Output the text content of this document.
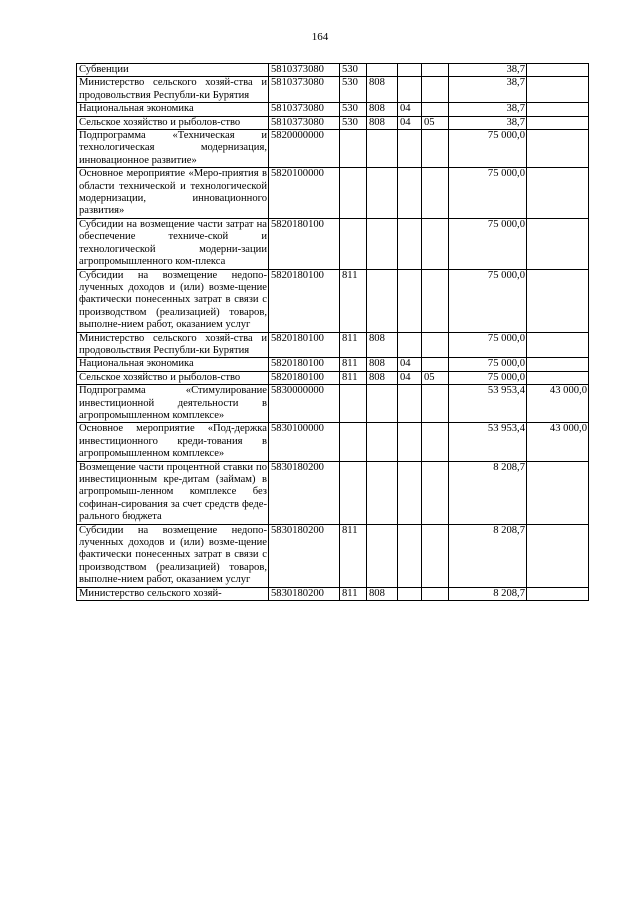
164
Субвенции	5810373080	530				38,7	
Министерство сельского хозяй-ства и продовольствия Республи-ки Бурятия	5810373080	530	808			38,7	
Национальная экономика	5810373080	530	808	04		38,7	
Сельское хозяйство и рыболов-ство	5810373080	530	808	04	05	38,7	
Подпрограмма «Техническая и технологическая модернизация, инновационное развитие»	5820000000					75 000,0	
Основное мероприятие «Меро-приятия в области технической и технологической модернизации, инновационного развития»	5820100000					75 000,0	
Субсидии на возмещение части затрат на обеспечение техниче-ской и технологической модерни-зации агропромышленного ком-плекса	5820180100					75 000,0	
Субсидии на возмещение недопо-лученных доходов и (или) возме-щение фактически понесенных затрат в связи с производством (реализацией) товаров, выполне-нием работ, оказанием услуг	5820180100	811				75 000,0	
Министерство сельского хозяй-ства и продовольствия Республи-ки Бурятия	5820180100	811	808			75 000,0	
Национальная экономика	5820180100	811	808	04		75 000,0	
Сельское хозяйство и рыболов-ство	5820180100	811	808	04	05	75 000,0	
Подпрограмма «Стимулирование инвестиционной деятельности в агропромышленном комплексе»	5830000000					53 953,4	43 000,0
Основное мероприятие «Под-держка инвестиционного креди-тования в агропромышленном комплексе»	5830100000					53 953,4	43 000,0
Возмещение части процентной ставки по инвестиционным кре-дитам (займам) в агропромыш-ленном комплексе без софинан-сирования за счет средств феде-рального бюджета	5830180200					8 208,7	
Субсидии на возмещение недопо-лученных доходов и (или) возме-щение фактически понесенных затрат в связи с производством (реализацией) товаров, выполне-нием работ, оказанием услуг	5830180200	811				8 208,7	
Министерство сельского хозяй-	5830180200	811	808			8 208,7	
